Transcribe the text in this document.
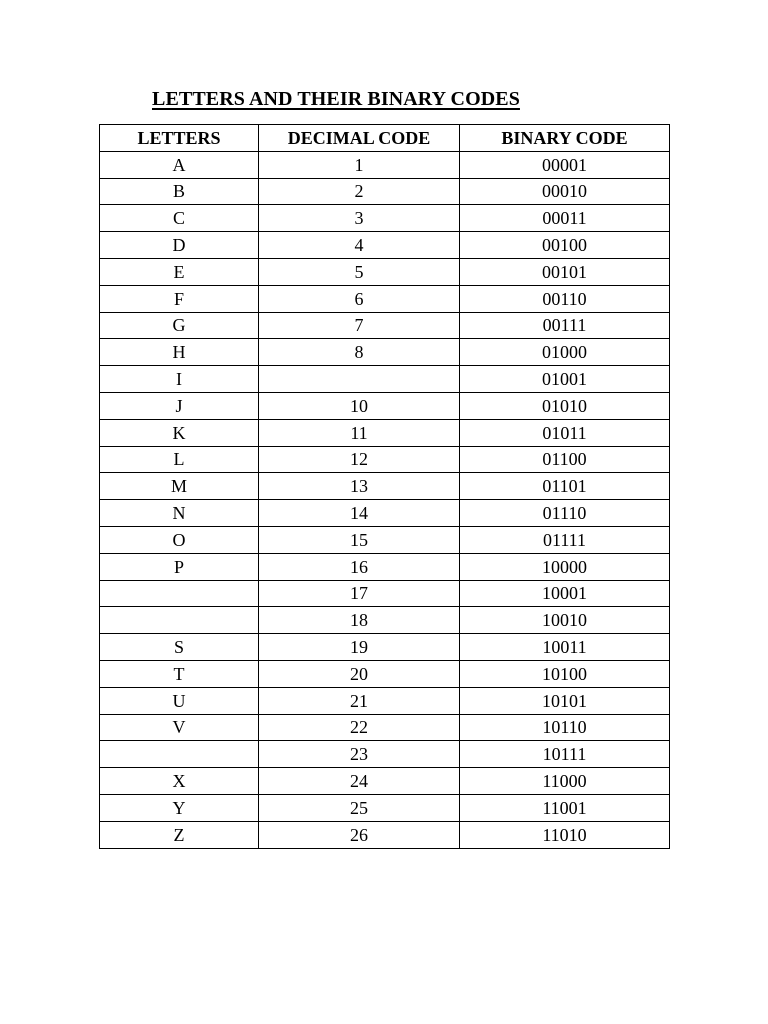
LETTERS AND THEIR BINARY CODES
LETTERS	DECIMAL CODE	BINARY CODE
A	1	00001
B	2	00010
C	3	00011
D	4	00100
E	5	00101
F	6	00110
G	7	00111
H	8	01000
I		01001
J	10	01010
K	11	01011
L	12	01100
M	13	01101
N	14	01110
O	15	01111
P	16	10000
	17	10001
	18	10010
S	19	10011
T	20	10100
U	21	10101
V	22	10110
	23	10111
X	24	11000
Y	25	11001
Z	26	11010
